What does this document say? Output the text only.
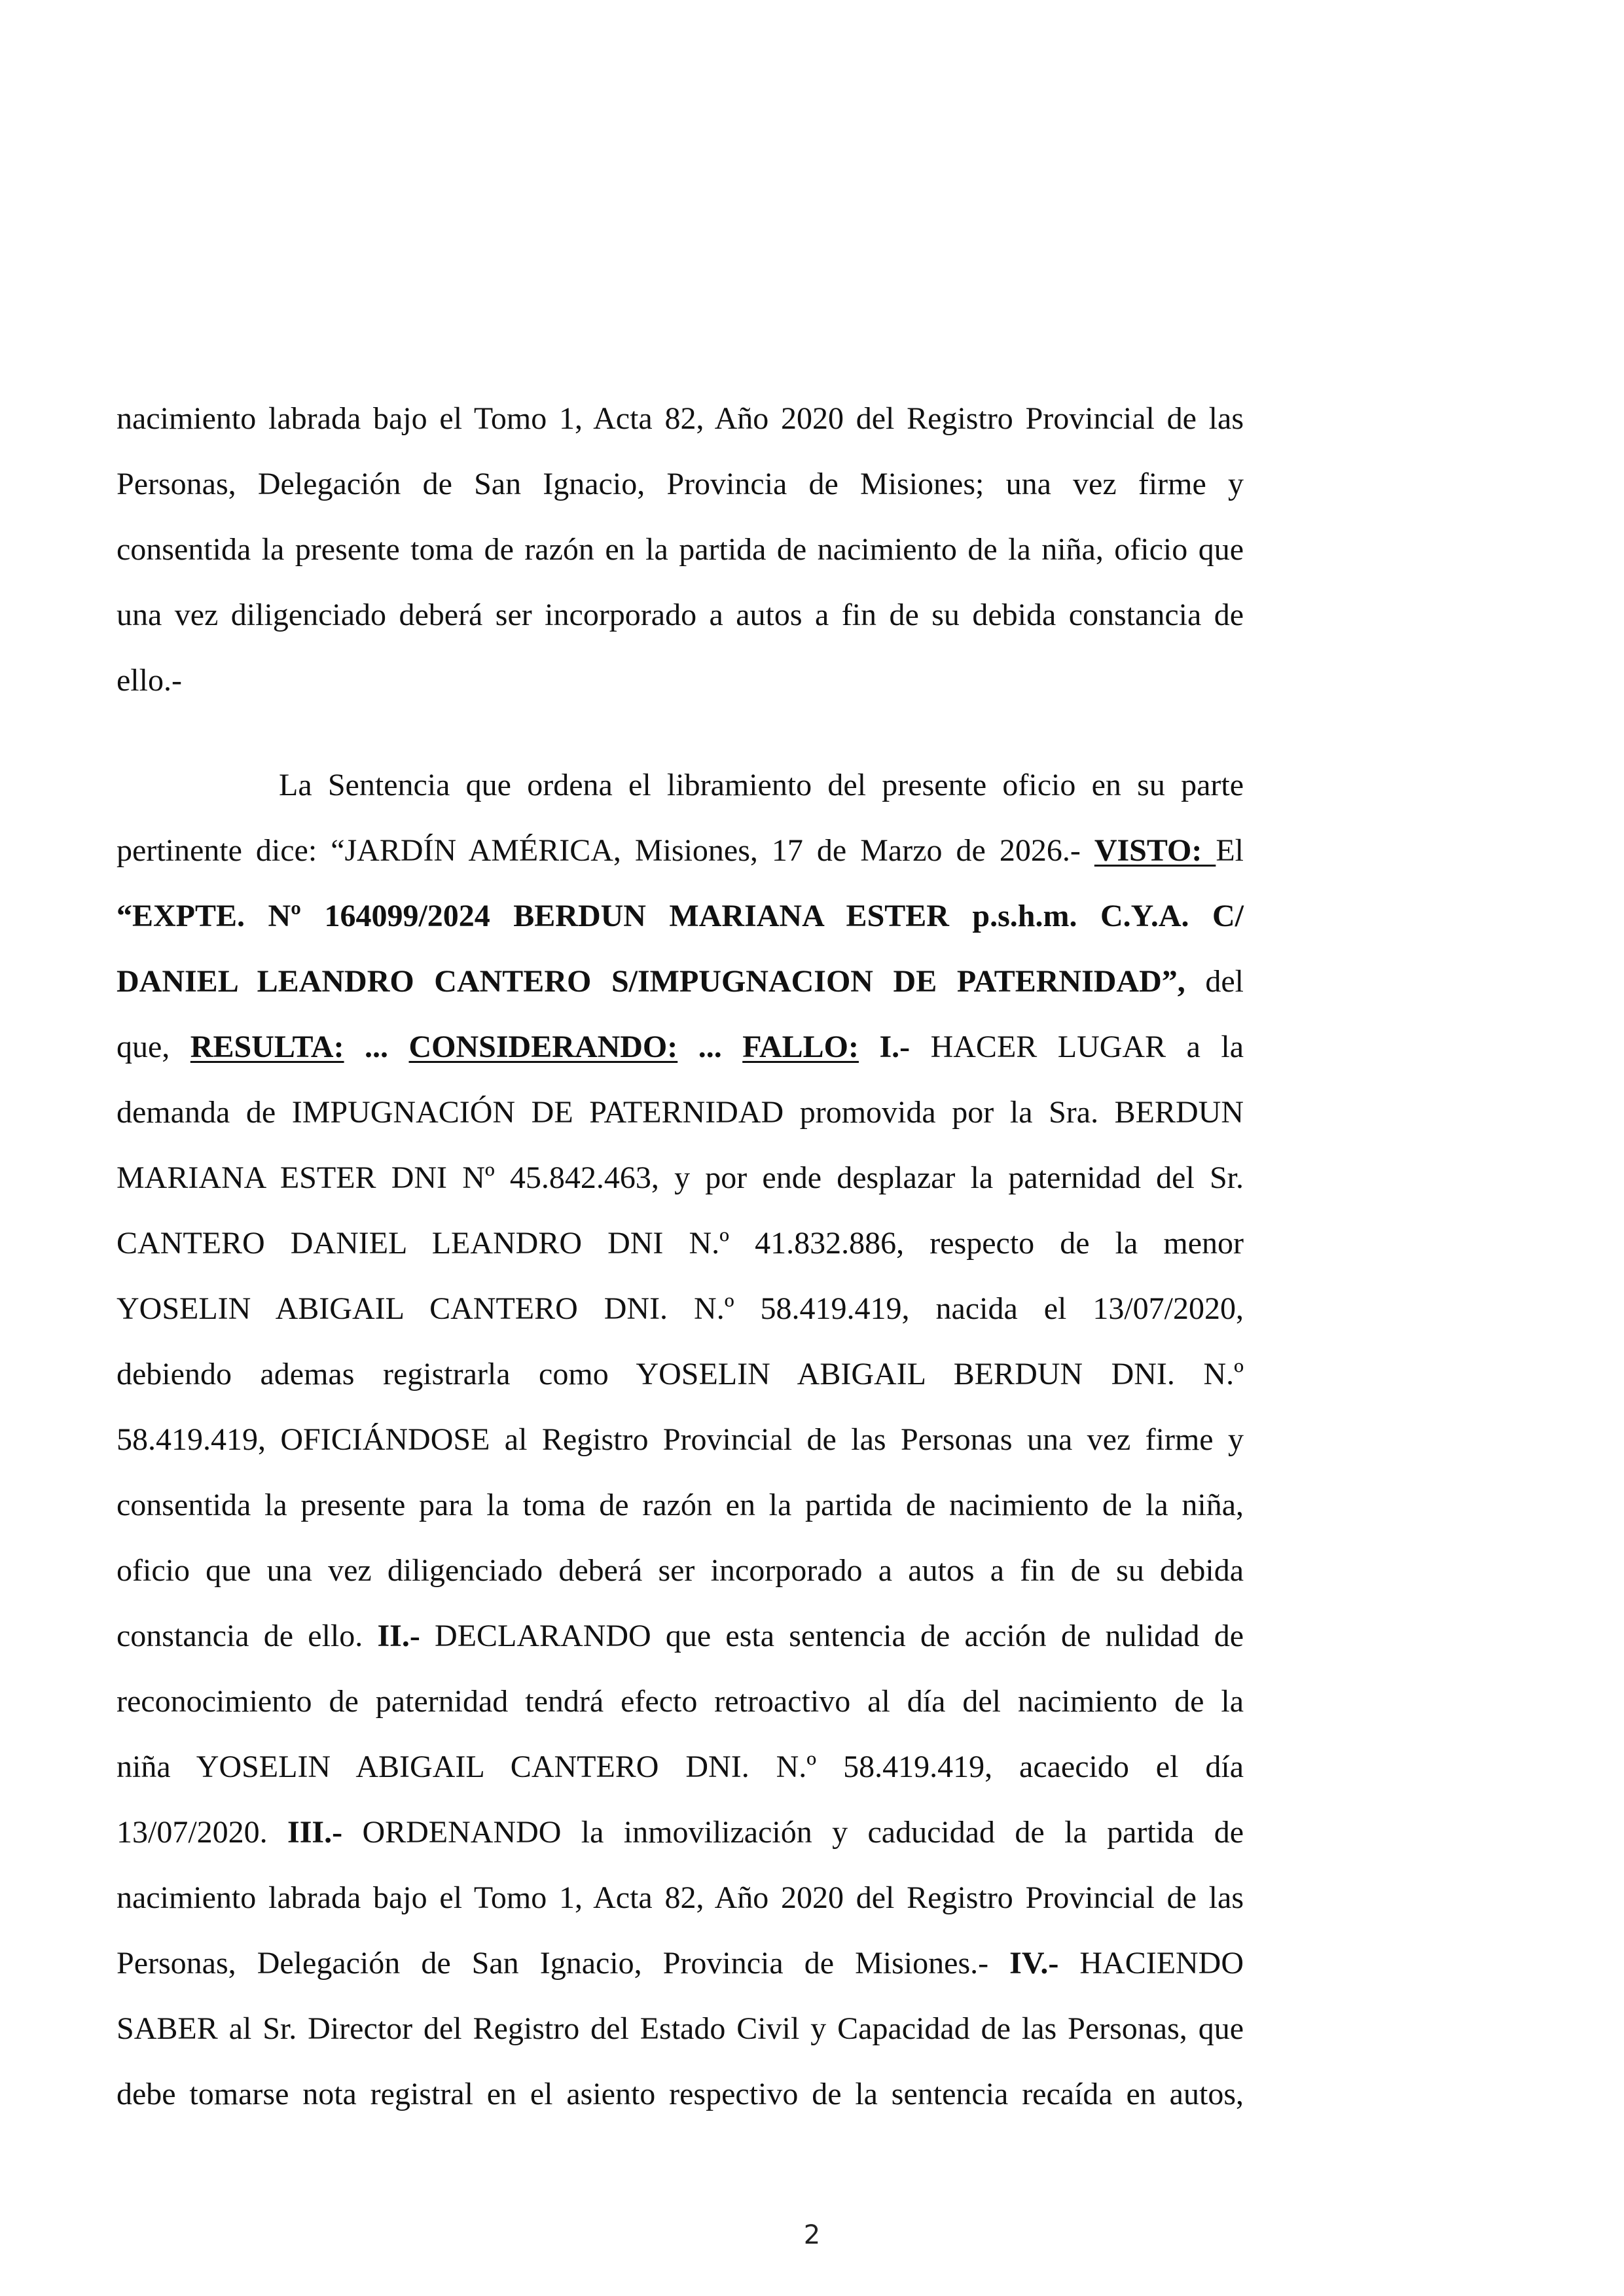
nacimiento labrada bajo el Tomo 1, Acta 82, Año 2020 del Registro Provincial de las
Personas, Delegación de San Ignacio, Provincia de Misiones; una vez firme y
consentida la presente toma de razón en la partida de nacimiento de la niña, oficio que
una vez diligenciado deberá ser incorporado a autos a fin de su debida constancia de
ello.-
La Sentencia que ordena el libramiento del presente oficio en su parte
pertinente dice: “JARDÍN AMÉRICA, Misiones, 17 de Marzo de 2026.- VISTO: El
“EXPTE. Nº 164099/2024 BERDUN MARIANA ESTER p.s.h.m. C.Y.A. C/
DANIEL LEANDRO CANTERO S/IMPUGNACION DE PATERNIDAD”, del
que, RESULTA: ... CONSIDERANDO: ... FALLO: I.- HACER LUGAR a la
demanda de IMPUGNACIÓN DE PATERNIDAD promovida por la Sra. BERDUN
MARIANA ESTER DNI Nº 45.842.463, y por ende desplazar la paternidad del Sr.
CANTERO DANIEL LEANDRO DNI N.º 41.832.886, respecto de la menor
YOSELIN ABIGAIL CANTERO DNI. N.º 58.419.419, nacida el 13/07/2020,
debiendo ademas registrarla como YOSELIN ABIGAIL BERDUN DNI. N.º
58.419.419, OFICIÁNDOSE al Registro Provincial de las Personas una vez firme y
consentida la presente para la toma de razón en la partida de nacimiento de la niña,
oficio que una vez diligenciado deberá ser incorporado a autos a fin de su debida
constancia de ello. II.- DECLARANDO que esta sentencia de acción de nulidad de
reconocimiento de paternidad tendrá efecto retroactivo al día del nacimiento de la
niña YOSELIN ABIGAIL CANTERO DNI. N.º 58.419.419, acaecido el día
13/07/2020. III.- ORDENANDO la inmovilización y caducidad de la partida de
nacimiento labrada bajo el Tomo 1, Acta 82, Año 2020 del Registro Provincial de las
Personas, Delegación de San Ignacio, Provincia de Misiones.- IV.- HACIENDO
SABER al Sr. Director del Registro del Estado Civil y Capacidad de las Personas, que
debe tomarse nota registral en el asiento respectivo de la sentencia recaída en autos,
2
